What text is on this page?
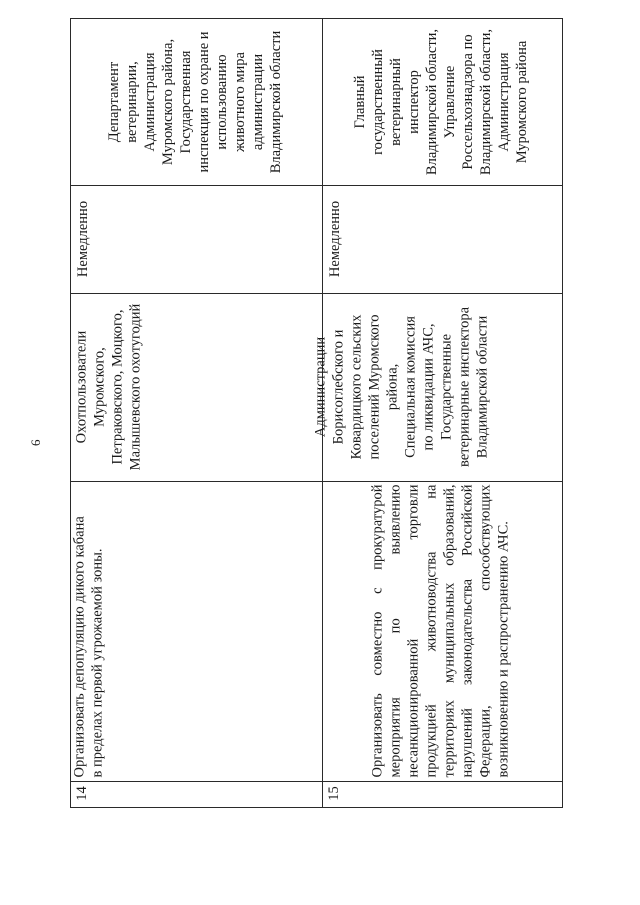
6
14
Организовать депопуляцию дикого кабана в пределах первой угрожаемой зоны.
Охотпользователи Муромского, Петраковского, Моцкого, Малышевского охотугодий
Немедленно
Департамент ветеринарии, Администрация Муромского района, Государственная инспекция по охране и использованию животного мира администрации Владимирской области
15
Организовать совместно с прокуратурой мероприятия по выявлению несанкционированной торговли продукцией животноводства на территориях муниципальных образований, нарушений законодательства Российской Федерации, способствующих возникновению и распространению АЧС.
Администрации Борисоглебского и Ковардицкого сельских поселений Муромского района, Специальная комиссия по ликвидации АЧС, Государственные ветеринарные инспектора Владимирской области
Немедленно
Главный государственный ветеринарный инспектор Владимирской области, Управление Россельхознадзора по Владимирской области, Администрация Муромского района
